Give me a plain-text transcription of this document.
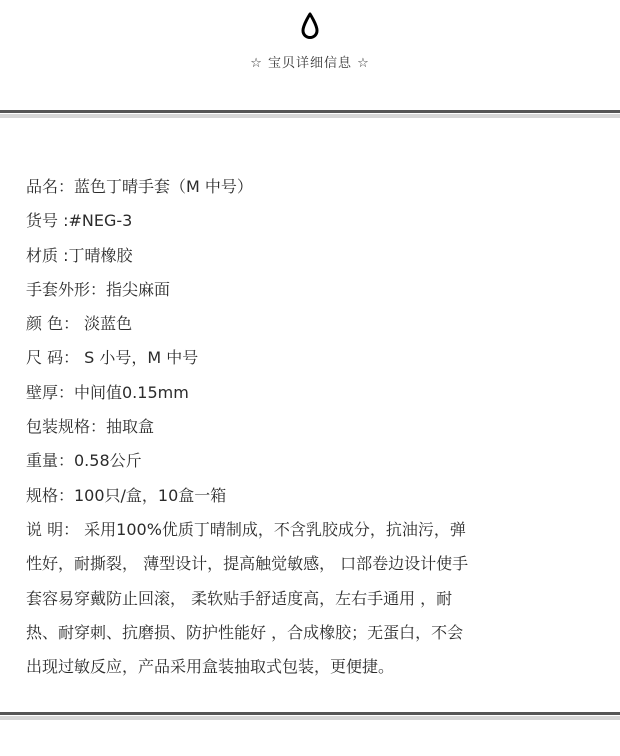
☆ 宝贝详细信息 ☆
品名：蓝色丁晴手套（M 中号）
货号 :#NEG-3
材质 :丁晴橡胶
手套外形：指尖麻面
颜 色： 淡蓝色
尺 码： S 小号，M 中号
壁厚：中间值0.15mm
包装规格：抽取盒
重量：0.58公斤
规格：100只/盒，10盒一箱
说 明： 采用100%优质丁晴制成，不含乳胶成分，抗油污，弹
性好，耐撕裂， 薄型设计，提高触觉敏感， 口部卷边设计使手
套容易穿戴防止回滚， 柔软贴手舒适度高，左右手通用 ，耐
热、耐穿刺、抗磨损、防护性能好 ，合成橡胶；无蛋白，不会
出现过敏反应，产品采用盒装抽取式包装，更便捷。
